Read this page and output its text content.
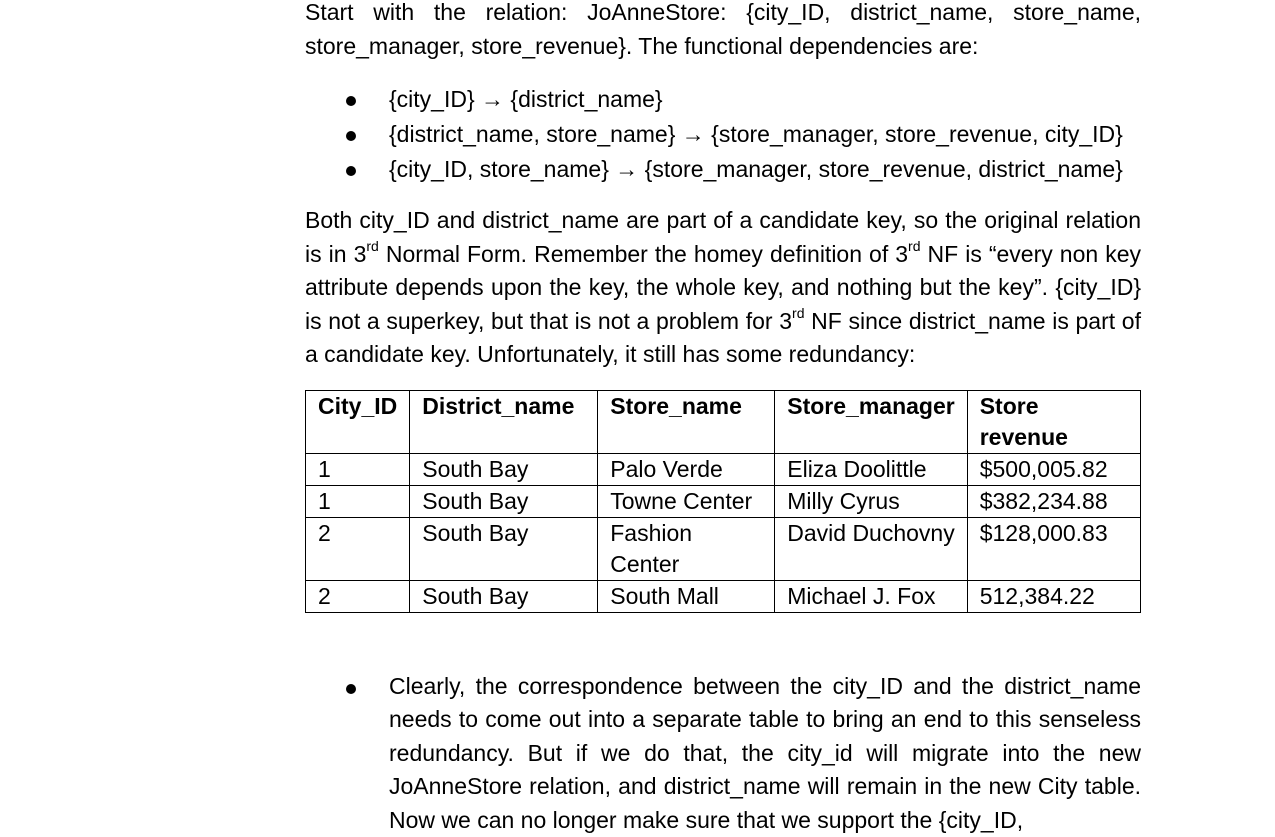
Start with the relation: JoAnneStore: {city_ID, district_name, store_name, store_manager, store_revenue}. The functional dependencies are:

{city_ID} → {district_name}
{district_name, store_name} → {store_manager, store_revenue, city_ID}
{city_ID, store_name} → {store_manager, store_revenue, district_name}

Both city_ID and district_name are part of a candidate key, so the original relation is in 3rd Normal Form. Remember the homey definition of 3rd NF is “every non key attribute depends upon the key, the whole key, and nothing but the key”. {city_ID} is not a superkey, but that is not a problem for 3rd NF since district_name is part of a candidate key. Unfortunately, it still has some redundancy:

City_ID	District_name	Store_name	Store_manager	Store revenue
1	South Bay	Palo Verde	Eliza Doolittle	$500,005.82
1	South Bay	Towne Center	Milly Cyrus	$382,234.88
2	South Bay	Fashion Center	David Duchovny	$128,000.83
2	South Bay	South Mall	Michael J. Fox	512,384.22

Clearly, the correspondence between the city_ID and the district_name needs to come out into a separate table to bring an end to this senseless redundancy. But if we do that, the city_id will migrate into the new JoAnneStore relation, and district_name will remain in the new City table. Now we can no longer make sure that we support the {city_ID,
